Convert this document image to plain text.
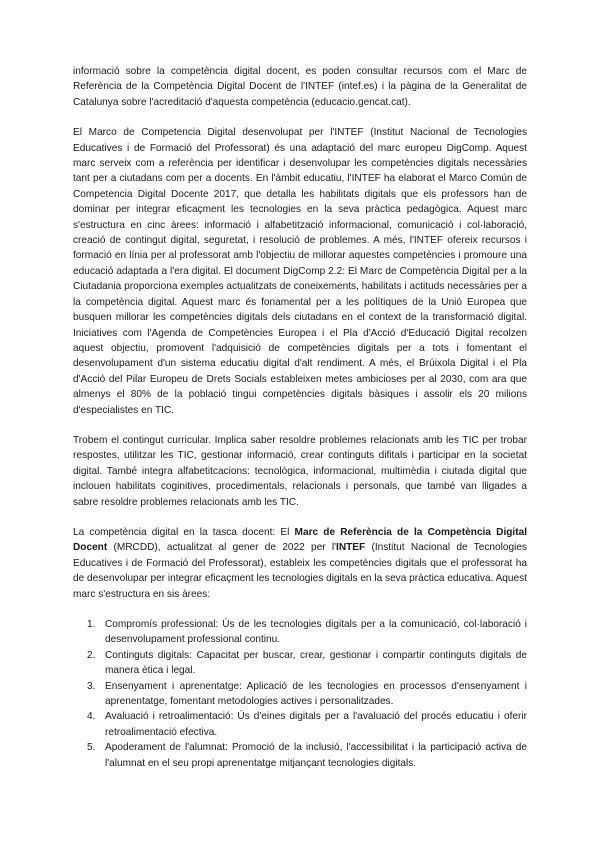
informació sobre la competència digital docent, es poden consultar recursos com el Marc de Referència de la Competència Digital Docent de l'INTEF (intef.es) i la pàgina de la Generalitat de Catalunya sobre l'acreditació d'aquesta competència (educacio.gencat.cat).

El Marco de Competencia Digital desenvolupat per l'INTEF (Institut Nacional de Tecnologies Educatives i de Formació del Professorat) és una adaptació del marc europeu DigComp. Aquest marc serveix com a referència per identificar i desenvolupar les competències digitals necessàries tant per a ciutadans com per a docents. En l'àmbit educatiu, l'INTEF ha elaborat el Marco Común de Competencia Digital Docente 2017, que detalla les habilitats digitals que els professors han de dominar per integrar eficaçment les tecnologies en la seva pràctica pedagògica. Aquest marc s'estructura en cinc àrees: informació i alfabetització informacional, comunicació i col·laboració, creació de contingut digital, seguretat, i resolució de problemes. A més, l'INTEF ofereix recursos i formació en línia per al professorat amb l'objectiu de millorar aquestes competències i promoure una educació adaptada a l'era digital. El document DigComp 2.2: El Marc de Competència Digital per a la Ciutadania proporciona exemples actualitzats de coneixements, habilitats i actituds necessàries per a la competència digital. Aquest marc és fonamental per a les polítiques de la Unió Europea que busquen millorar les competències digitals dels ciutadans en el context de la transformació digital. Iniciatives com l'Agenda de Competències Europea i el Pla d'Acció d'Educació Digital recolzen aquest objectiu, promovent l'adquisició de competències digitals per a tots i fomentant el desenvolupament d'un sistema educatiu digital d'alt rendiment. A més, el Brúixola Digital i el Pla d'Acció del Pilar Europeu de Drets Socials estableixen metes ambicioses per al 2030, com ara que almenys el 80% de la població tingui competències digitals bàsiques i assolir els 20 milions d'especialistes en TIC.

Trobem el contingut curricular. Implica saber resoldre problemes relacionats amb les TIC per trobar respostes, utilitzar les TIC, gestionar informació, crear continguts difitals i participar en la societat digital. També integra alfabetitcacions: tecnològica, informacional, multimèdia i ciutada digital que inclouen habilitats coginitives, procedimentals, relacionals i personals, que també van lligades a sabre resoldre problemes relacionats amb les TIC.

La competència digital en la tasca docent: El Marc de Referència de la Competència Digital Docent (MRCDD), actualitzat al gener de 2022 per l'INTEF (Institut Nacional de Tecnologies Educatives i de Formació del Professorat), estableix les competències digitals que el professorat ha de desenvolupar per integrar eficaçment les tecnologies digitals en la seva pràctica educativa. Aquest marc s'estructura en sis àrees:

1. Compromís professional: Ús de les tecnologies digitals per a la comunicació, col·laboració i desenvolupament professional continu.
2. Continguts digitals: Capacitat per buscar, crear, gestionar i compartir continguts digitals de manera ètica i legal.
3. Ensenyament i aprenentatge: Aplicació de les tecnologies en processos d'ensenyament i aprenentatge, fomentant metodologies actives i personalitzades.
4. Avaluació i retroalimentació: Ús d'eines digitals per a l'avaluació del procés educatiu i oferir retroalimentació efectiva.
5. Apoderament de l'alumnat: Promoció de la inclusió, l'accessibilitat i la participació activa de l'alumnat en el seu propi aprenentatge mitjançant tecnologies digitals.
